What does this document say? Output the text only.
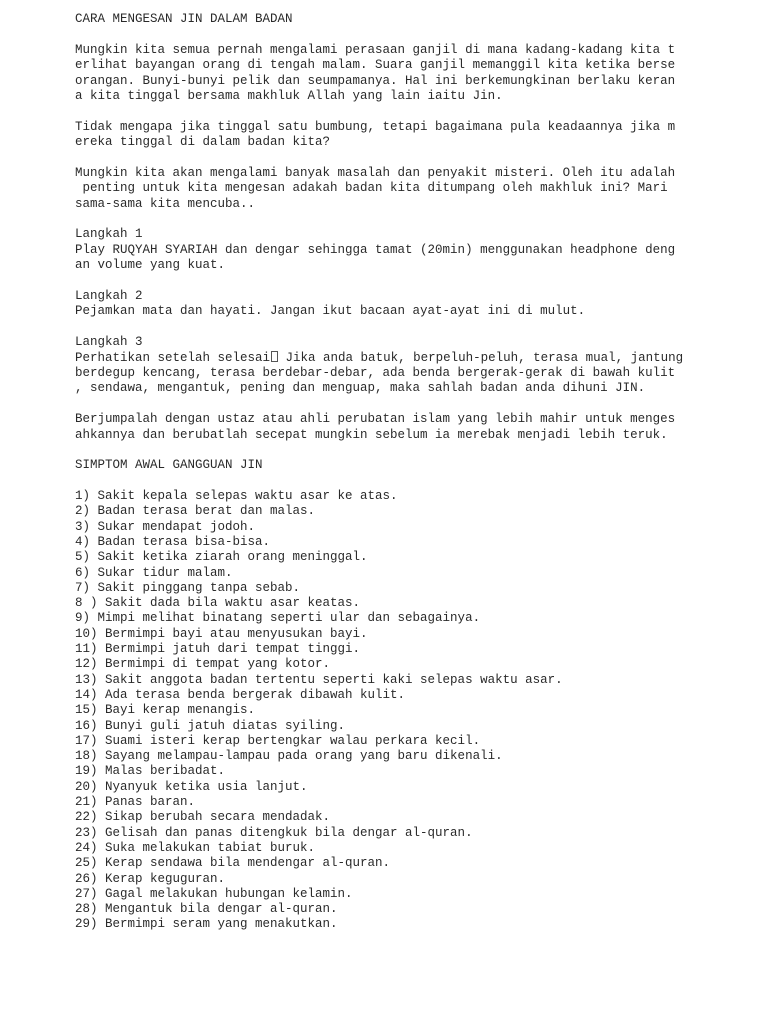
CARA MENGESAN JIN DALAM BADAN
Mungkin kita semua pernah mengalami perasaan ganjil di mana kadang-kadang kita t
erlihat bayangan orang di tengah malam. Suara ganjil memanggil kita ketika berse
orangan. Bunyi-bunyi pelik dan seumpamanya. Hal ini berkemungkinan berlaku keran
a kita tinggal bersama makhluk Allah yang lain iaitu Jin.
Tidak mengapa jika tinggal satu bumbung, tetapi bagaimana pula keadaannya jika m
ereka tinggal di dalam badan kita?
Mungkin kita akan mengalami banyak masalah dan penyakit misteri. Oleh itu adalah
penting untuk kita mengesan adakah badan kita ditumpang oleh makhluk ini? Mari
sama-sama kita mencuba..
Langkah 1
Play RUQYAH SYARIAH dan dengar sehingga tamat (20min) menggunakan headphone deng
an volume yang kuat.
Langkah 2
Pejamkan mata dan hayati. Jangan ikut bacaan ayat-ayat ini di mulut.
Langkah 3
Perhatikan setelah selesai Jika anda batuk, berpeluh-peluh, terasa mual, jantung
berdegup kencang, terasa berdebar-debar, ada benda bergerak-gerak di bawah kulit
, sendawa, mengantuk, pening dan menguap, maka sahlah badan anda dihuni JIN.
Berjumpalah dengan ustaz atau ahli perubatan islam yang lebih mahir untuk menges
ahkannya dan berubatlah secepat mungkin sebelum ia merebak menjadi lebih teruk.
SIMPTOM AWAL GANGGUAN JIN
1) Sakit kepala selepas waktu asar ke atas.
2) Badan terasa berat dan malas.
3) Sukar mendapat jodoh.
4) Badan terasa bisa-bisa.
5) Sakit ketika ziarah orang meninggal.
6) Sukar tidur malam.
7) Sakit pinggang tanpa sebab.
8 ) Sakit dada bila waktu asar keatas.
9) Mimpi melihat binatang seperti ular dan sebagainya.
10) Bermimpi bayi atau menyusukan bayi.
11) Bermimpi jatuh dari tempat tinggi.
12) Bermimpi di tempat yang kotor.
13) Sakit anggota badan tertentu seperti kaki selepas waktu asar.
14) Ada terasa benda bergerak dibawah kulit.
15) Bayi kerap menangis.
16) Bunyi guli jatuh diatas syiling.
17) Suami isteri kerap bertengkar walau perkara kecil.
18) Sayang melampau-lampau pada orang yang baru dikenali.
19) Malas beribadat.
20) Nyanyuk ketika usia lanjut.
21) Panas baran.
22) Sikap berubah secara mendadak.
23) Gelisah dan panas ditengkuk bila dengar al-quran.
24) Suka melakukan tabiat buruk.
25) Kerap sendawa bila mendengar al-quran.
26) Kerap keguguran.
27) Gagal melakukan hubungan kelamin.
28) Mengantuk bila dengar al-quran.
29) Bermimpi seram yang menakutkan.
